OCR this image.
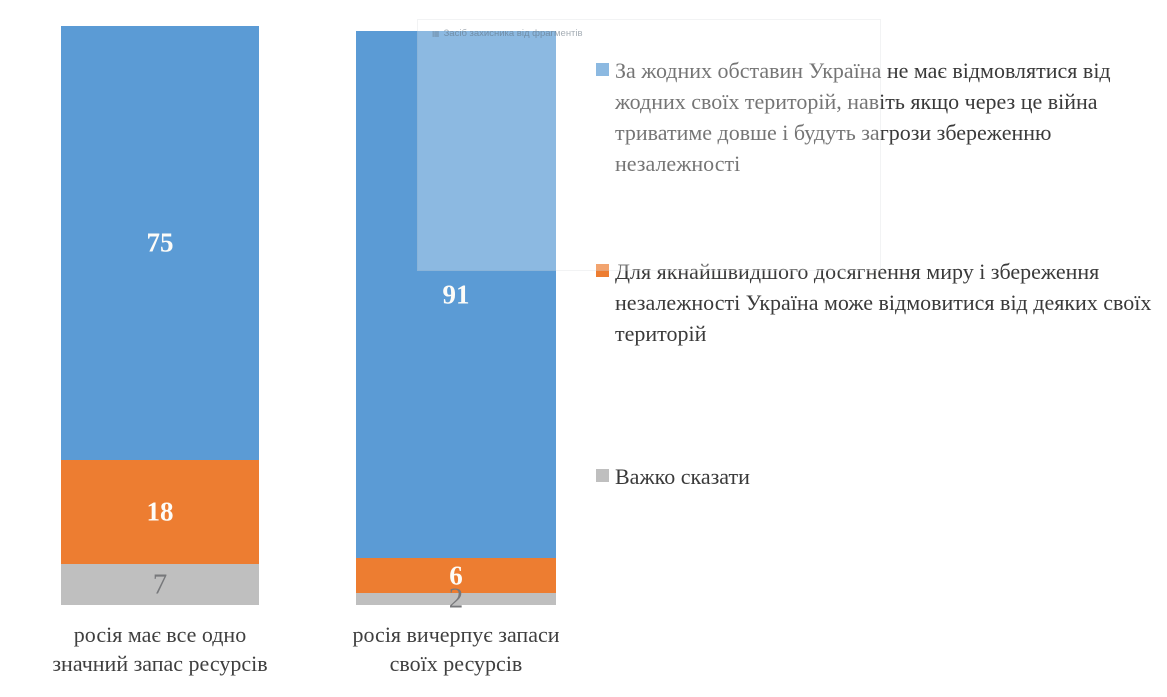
75
18
7
91
6
2
росія має все одно
значний запас ресурсів
росія вичерпує запаси
своїх ресурсів
За жодних обставин Україна не має відмовлятися від жодних своїх територій, навіть якщо через це війна триватиме довше і будуть загрози збереженню незалежності
Для якнайшвидшого досягнення миру і збереження незалежності Україна може відмовитися від деяких своїх територій
Важко сказати
▦ Засіб захисника від фрагментів
